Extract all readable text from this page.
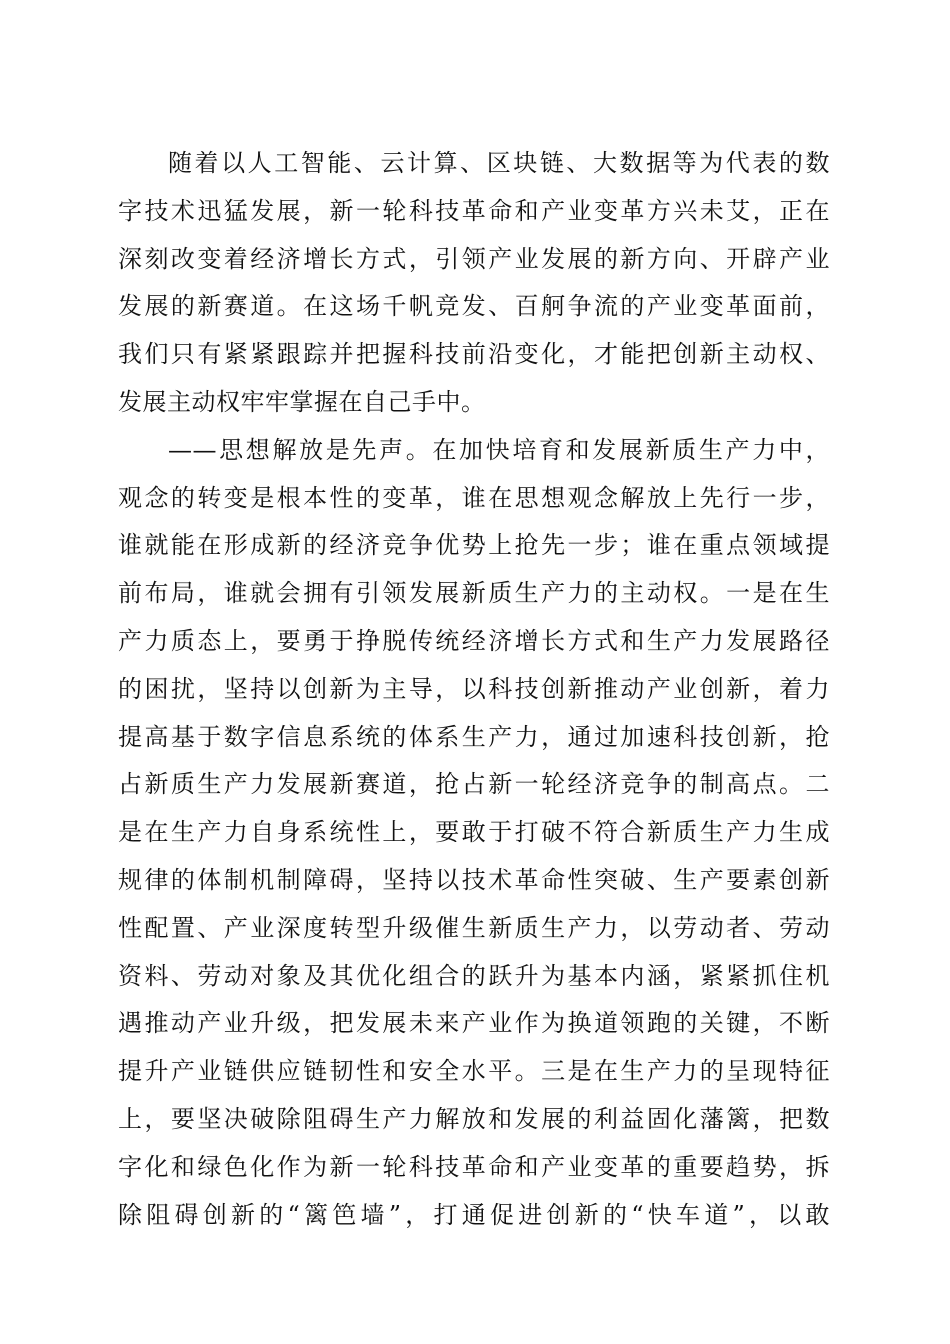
随着以人工智能、云计算、区块链、大数据等为代表的数
字技术迅猛发展，新一轮科技革命和产业变革方兴未艾，正在
深刻改变着经济增长方式，引领产业发展的新方向、开辟产业
发展的新赛道。在这场千帆竞发、百舸争流的产业变革面前，
我们只有紧紧跟踪并把握科技前沿变化，才能把创新主动权、
发展主动权牢牢掌握在自己手中。
——思想解放是先声。在加快培育和发展新质生产力中，
观念的转变是根本性的变革，谁在思想观念解放上先行一步，
谁就能在形成新的经济竞争优势上抢先一步；谁在重点领域提
前布局，谁就会拥有引领发展新质生产力的主动权。一是在生
产力质态上，要勇于挣脱传统经济增长方式和生产力发展路径
的困扰，坚持以创新为主导，以科技创新推动产业创新，着力
提高基于数字信息系统的体系生产力，通过加速科技创新，抢
占新质生产力发展新赛道，抢占新一轮经济竞争的制高点。二
是在生产力自身系统性上，要敢于打破不符合新质生产力生成
规律的体制机制障碍，坚持以技术革命性突破、生产要素创新
性配置、产业深度转型升级催生新质生产力，以劳动者、劳动
资料、劳动对象及其优化组合的跃升为基本内涵，紧紧抓住机
遇推动产业升级，把发展未来产业作为换道领跑的关键，不断
提升产业链供应链韧性和安全水平。三是在生产力的呈现特征
上，要坚决破除阻碍生产力解放和发展的利益固化藩篱，把数
字化和绿色化作为新一轮科技革命和产业变革的重要趋势，拆
除阻碍创新的“篱笆墙”，打通促进创新的“快车道”，以敢
